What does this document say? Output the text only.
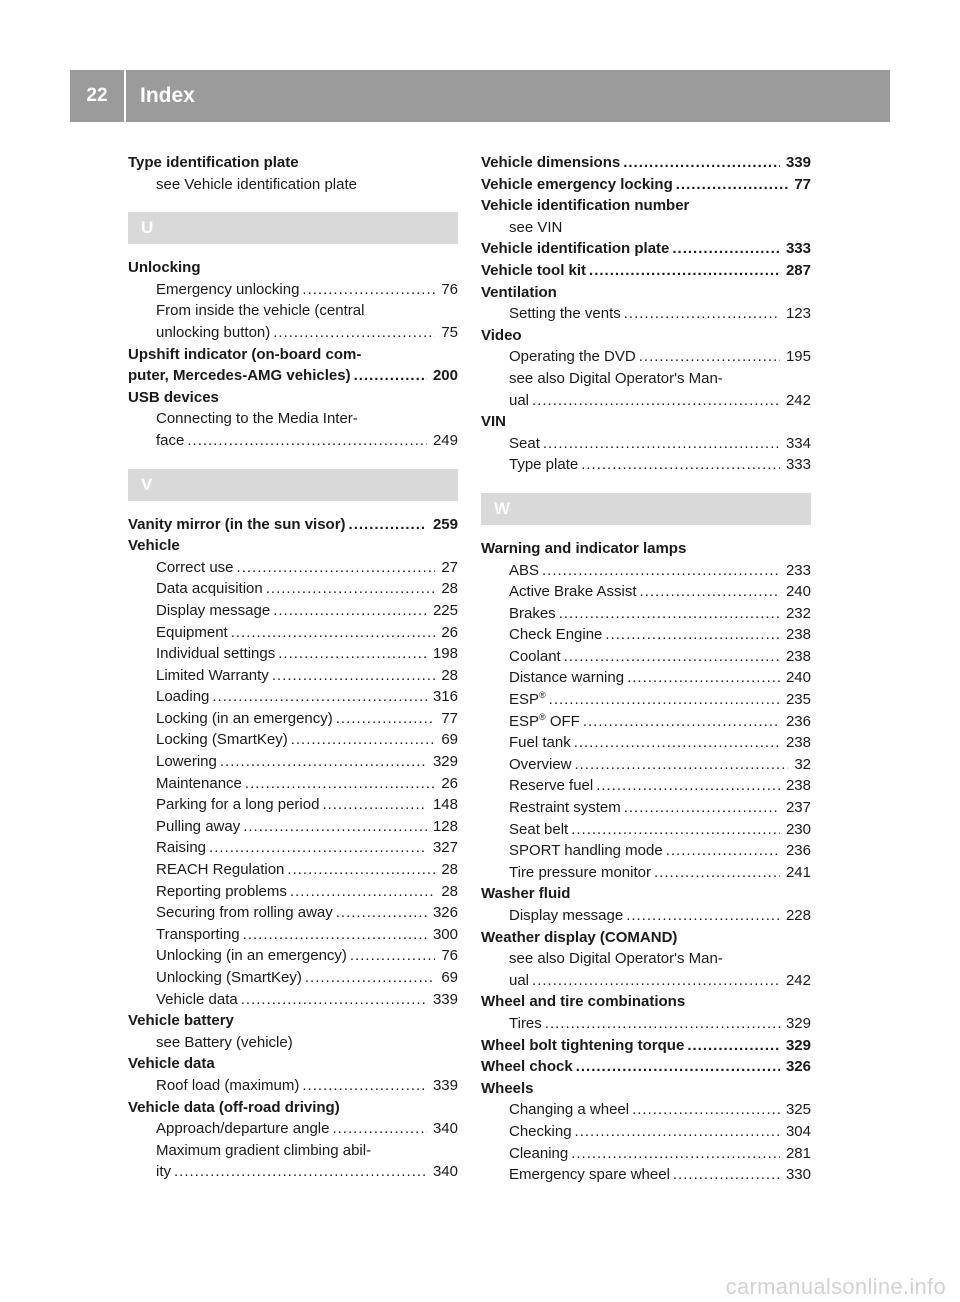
22	Index
Type identification plate
see Vehicle identification plate
U
Unlocking
Emergency unlocking .....	76
From inside the vehicle (central
unlocking button) .....	75
Upshift indicator (on-board com-
puter, Mercedes-AMG vehicles) .....	200
USB devices
Connecting to the Media Inter-
face .....	249
V
Vanity mirror (in the sun visor) .....	259
Vehicle
Correct use .....	27
Data acquisition .....	28
Display message .....	225
Equipment .....	26
Individual settings .....	198
Limited Warranty .....	28
Loading .....	316
Locking (in an emergency) .....	77
Locking (SmartKey) .....	69
Lowering .....	329
Maintenance .....	26
Parking for a long period .....	148
Pulling away .....	128
Raising .....	327
REACH Regulation .....	28
Reporting problems .....	28
Securing from rolling away .....	326
Transporting .....	300
Unlocking (in an emergency) .....	76
Unlocking (SmartKey) .....	69
Vehicle data .....	339
Vehicle battery
see Battery (vehicle)
Vehicle data
Roof load (maximum) .....	339
Vehicle data (off-road driving)
Approach/departure angle .....	340
Maximum gradient climbing abil-
ity .....	340
Vehicle dimensions .....	339
Vehicle emergency locking .....	77
Vehicle identification number
see VIN
Vehicle identification plate .....	333
Vehicle tool kit .....	287
Ventilation
Setting the vents .....	123
Video
Operating the DVD .....	195
see also Digital Operator's Man-
ual .....	242
VIN
Seat .....	334
Type plate .....	333
W
Warning and indicator lamps
ABS .....	233
Active Brake Assist .....	240
Brakes .....	232
Check Engine .....	238
Coolant .....	238
Distance warning .....	240
ESP® .....	235
ESP® OFF .....	236
Fuel tank .....	238
Overview .....	32
Reserve fuel .....	238
Restraint system .....	237
Seat belt .....	230
SPORT handling mode .....	236
Tire pressure monitor .....	241
Washer fluid
Display message .....	228
Weather display (COMAND)
see also Digital Operator's Man-
ual .....	242
Wheel and tire combinations
Tires .....	329
Wheel bolt tightening torque .....	329
Wheel chock .....	326
Wheels
Changing a wheel .....	325
Checking .....	304
Cleaning .....	281
Emergency spare wheel .....	330
carmanualsonline.info
